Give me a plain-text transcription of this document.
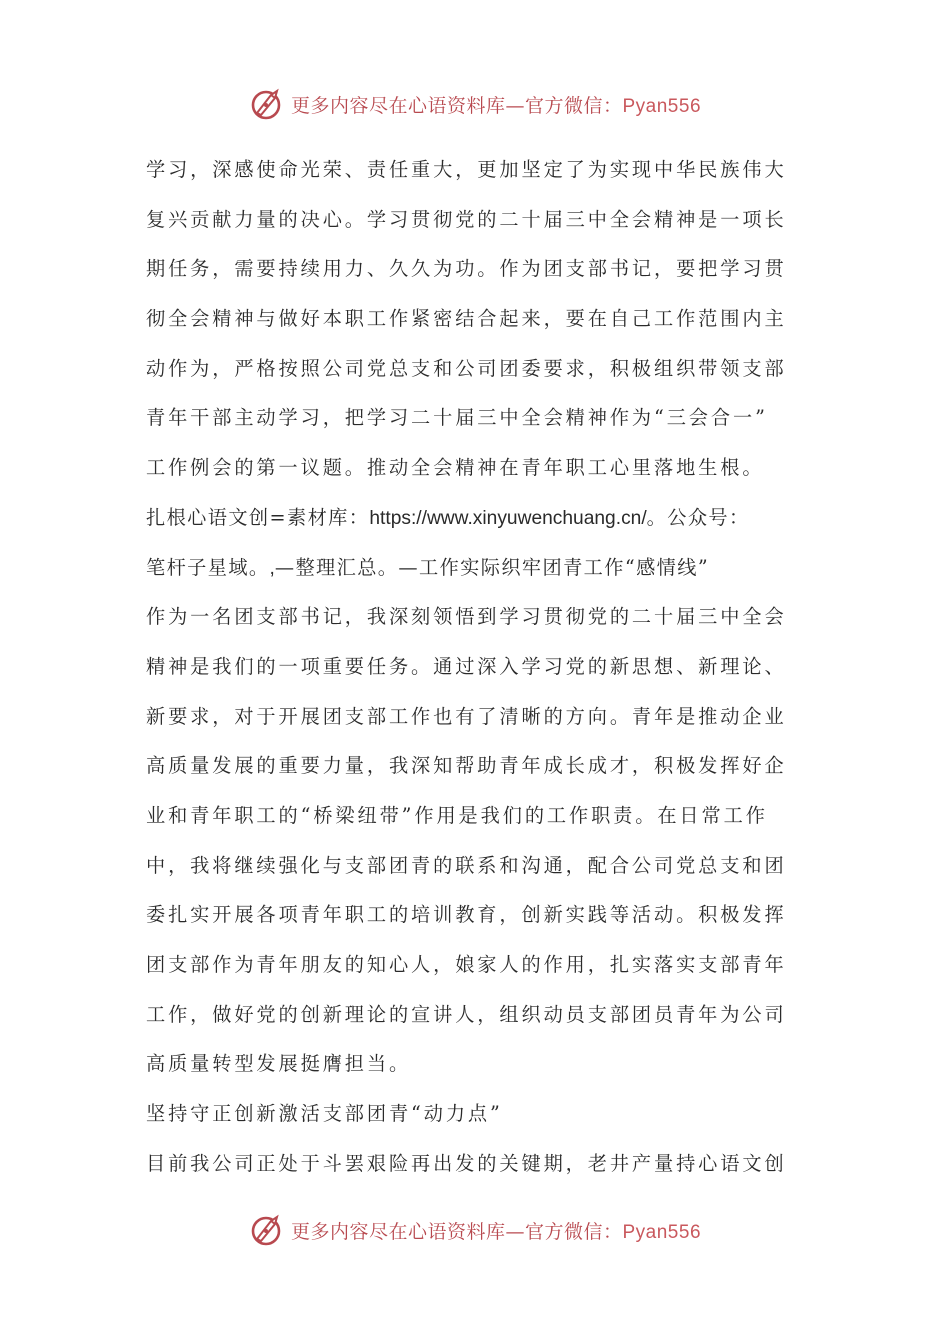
更多内容尽在心语资料库—官方微信：Pyan556
学习，深感使命光荣、责任重大，更加坚定了为实现中华民族伟大
复兴贡献力量的决心。学习贯彻党的二十届三中全会精神是一项长
期任务，需要持续用力、久久为功。作为团支部书记，要把学习贯
彻全会精神与做好本职工作紧密结合起来，要在自己工作范围内主
动作为，严格按照公司党总支和公司团委要求，积极组织带领支部
青年干部主动学习，把学习二十届三中全会精神作为“三会合一”
工作例会的第一议题。推动全会精神在青年职工心里落地生根。
扎根心语文创=素材库：https://www.xinyuwenchuang.cn/。公众号：
笔杆子星域。,—整理汇总。—工作实际织牢团青工作“感情线”
作为一名团支部书记，我深刻领悟到学习贯彻党的二十届三中全会
精神是我们的一项重要任务。通过深入学习党的新思想、新理论、
新要求，对于开展团支部工作也有了清晰的方向。青年是推动企业
高质量发展的重要力量，我深知帮助青年成长成才，积极发挥好企
业和青年职工的“桥梁纽带”作用是我们的工作职责。在日常工作
中，我将继续强化与支部团青的联系和沟通，配合公司党总支和团
委扎实开展各项青年职工的培训教育，创新实践等活动。积极发挥
团支部作为青年朋友的知心人，娘家人的作用，扎实落实支部青年
工作，做好党的创新理论的宣讲人，组织动员支部团员青年为公司
高质量转型发展挺膺担当。
坚持守正创新激活支部团青“动力点”
目前我公司正处于斗罢艰险再出发的关键期，老井产量持心语文创
更多内容尽在心语资料库—官方微信：Pyan556
